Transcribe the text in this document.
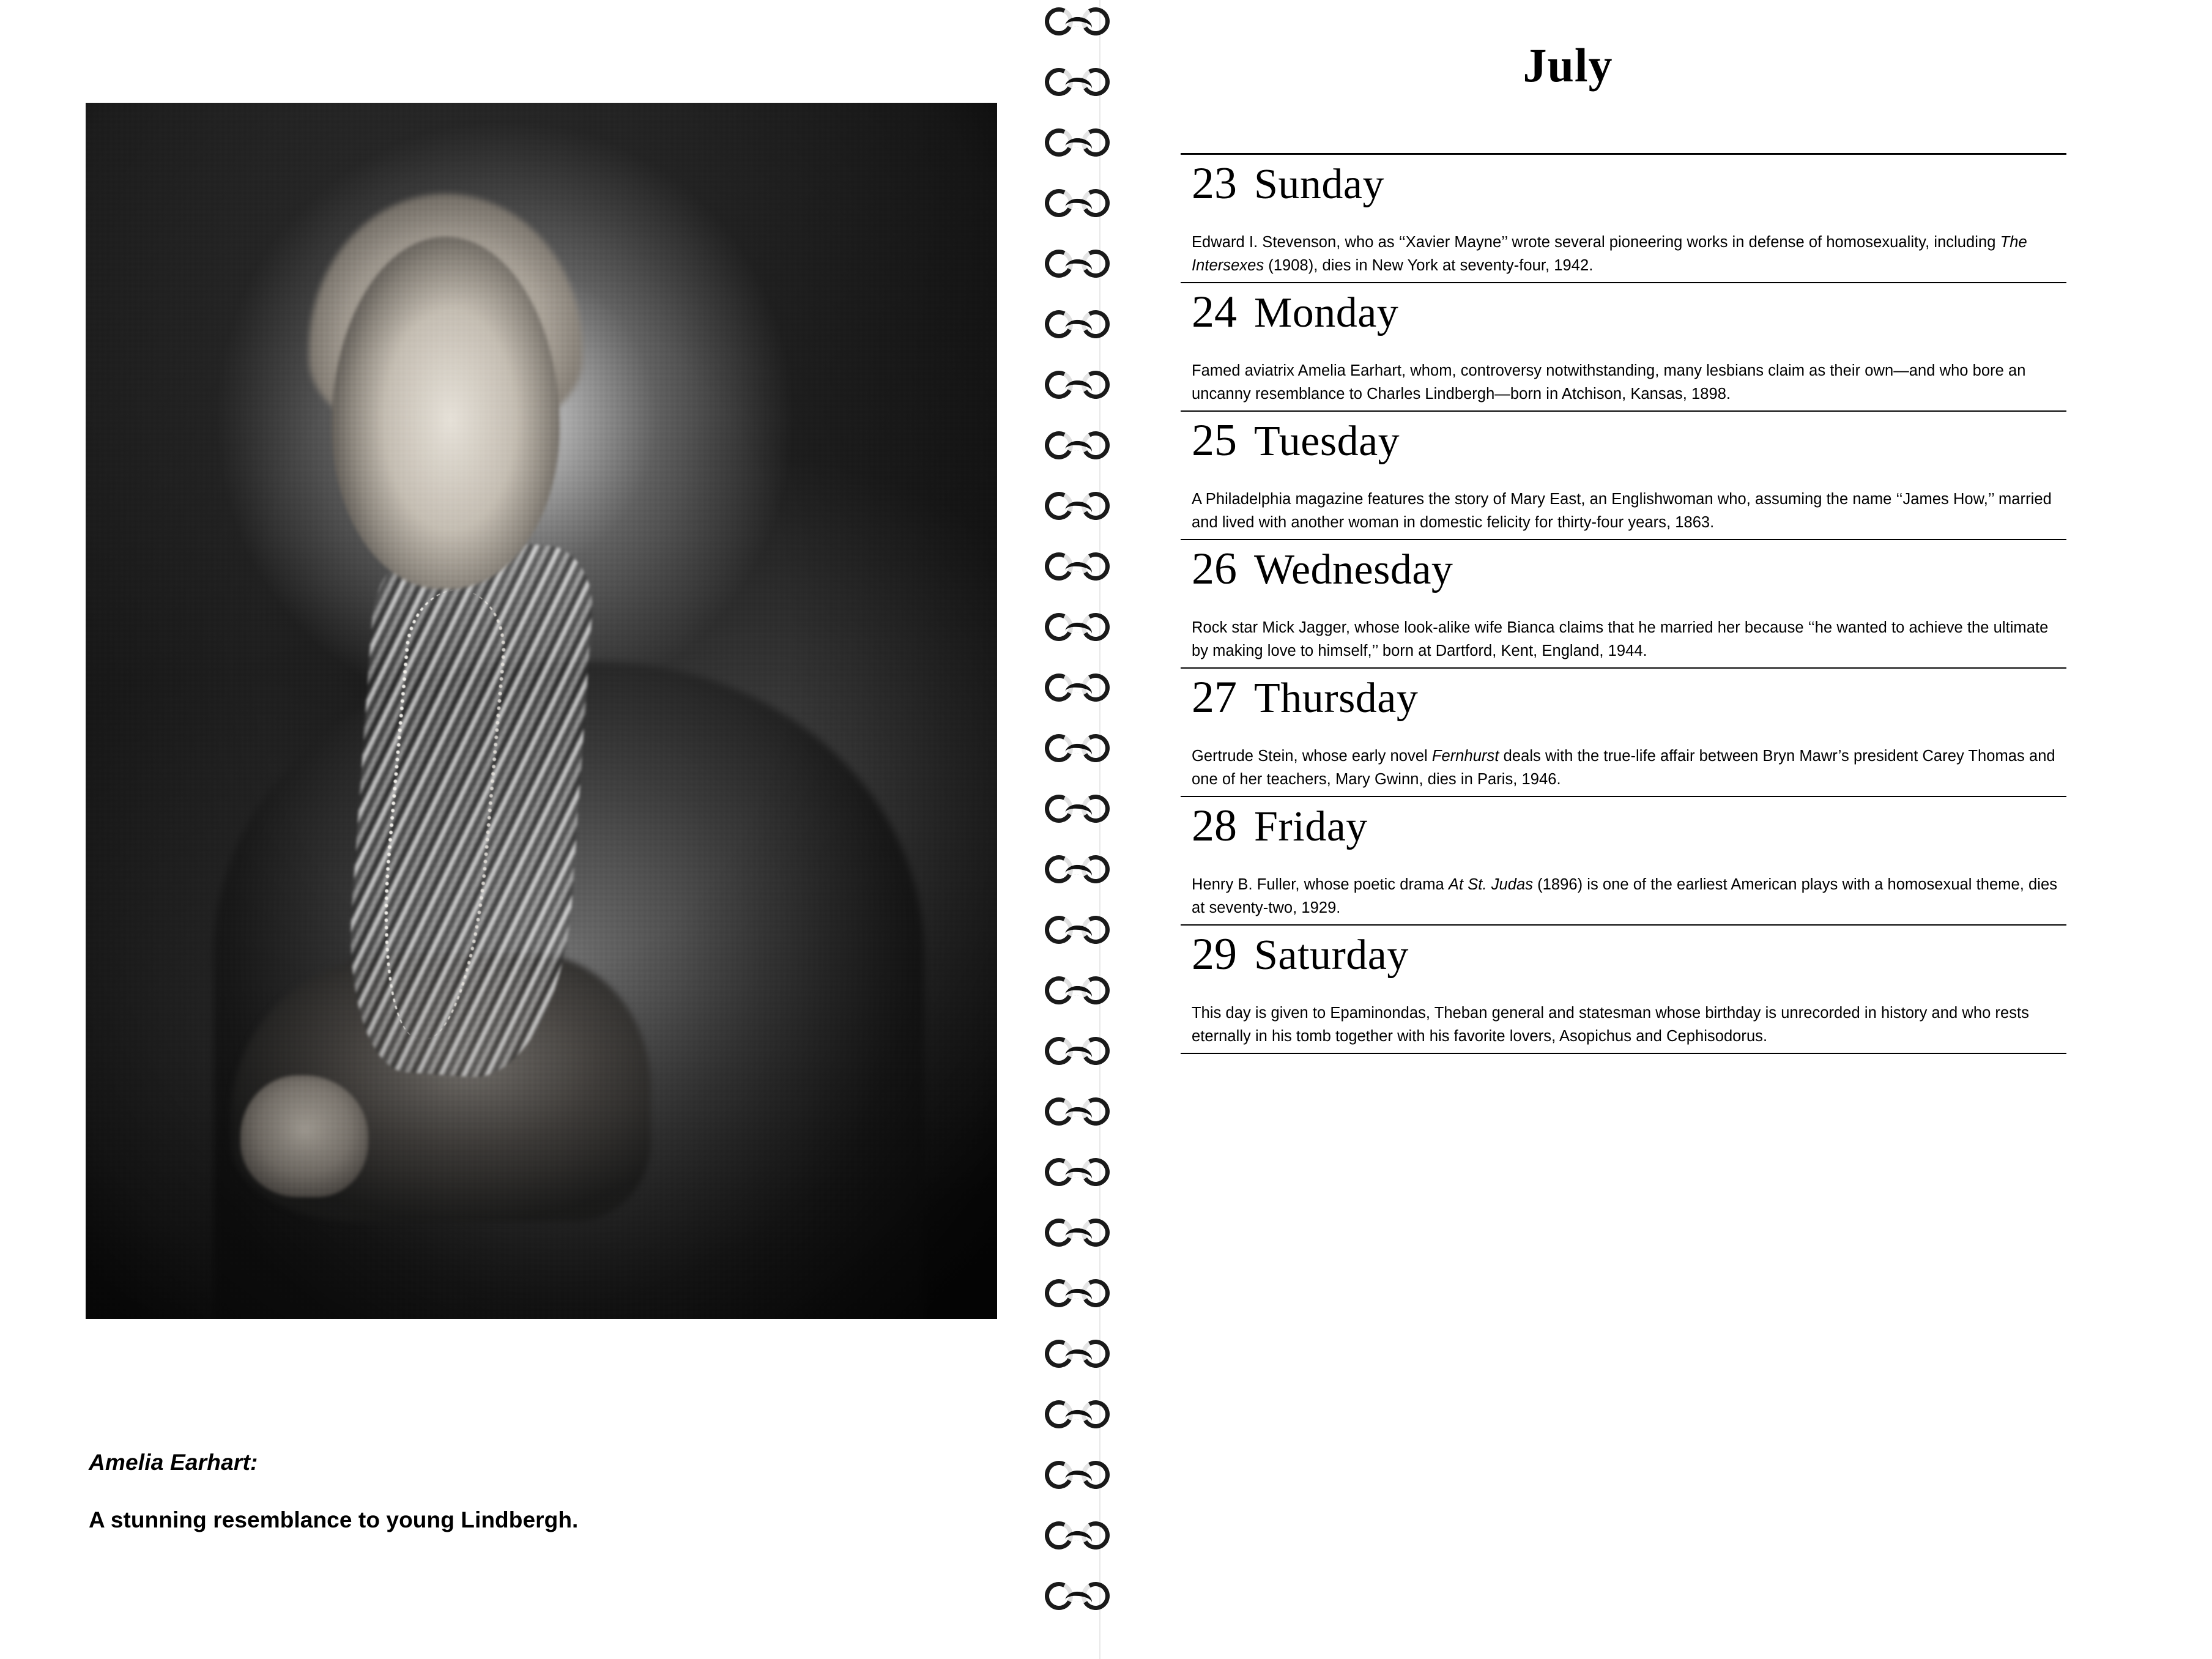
Amelia Earhart:

A stunning resemblance to young Lindbergh.

July
23 Sunday

Edward I. Stevenson, who as ‘‘Xavier Mayne’’ wrote several pioneering works in defense of homosexuality, including The Intersexes (1908), dies in New York at seventy-four, 1942.

24 Monday

Famed aviatrix Amelia Earhart, whom, controversy notwithstanding, many lesbians claim as their own—and who bore an uncanny resemblance to Charles Lindbergh—born in Atchison, Kansas, 1898.

25 Tuesday

A Philadelphia magazine features the story of Mary East, an Englishwoman who, assuming the name ‘‘James How,’’ married and lived with another woman in domestic felicity for thirty-four years, 1863.

26 Wednesday

Rock star Mick Jagger, whose look-alike wife Bianca claims that he married her because ‘‘he wanted to achieve the ultimate by making love to himself,’’ born at Dartford, Kent, England, 1944.

27 Thursday

Gertrude Stein, whose early novel Fernhurst deals with the true-life affair between Bryn Mawr’s president Carey Thomas and one of her teachers, Mary Gwinn, dies in Paris, 1946.

28 Friday

Henry B. Fuller, whose poetic drama At St. Judas (1896) is one of the earliest American plays with a homosexual theme, dies at seventy-two, 1929.

29 Saturday

This day is given to Epaminondas, Theban general and statesman whose birthday is unrecorded in history and who rests eternally in his tomb together with his favorite lovers, Asopichus and Cephisodorus.
